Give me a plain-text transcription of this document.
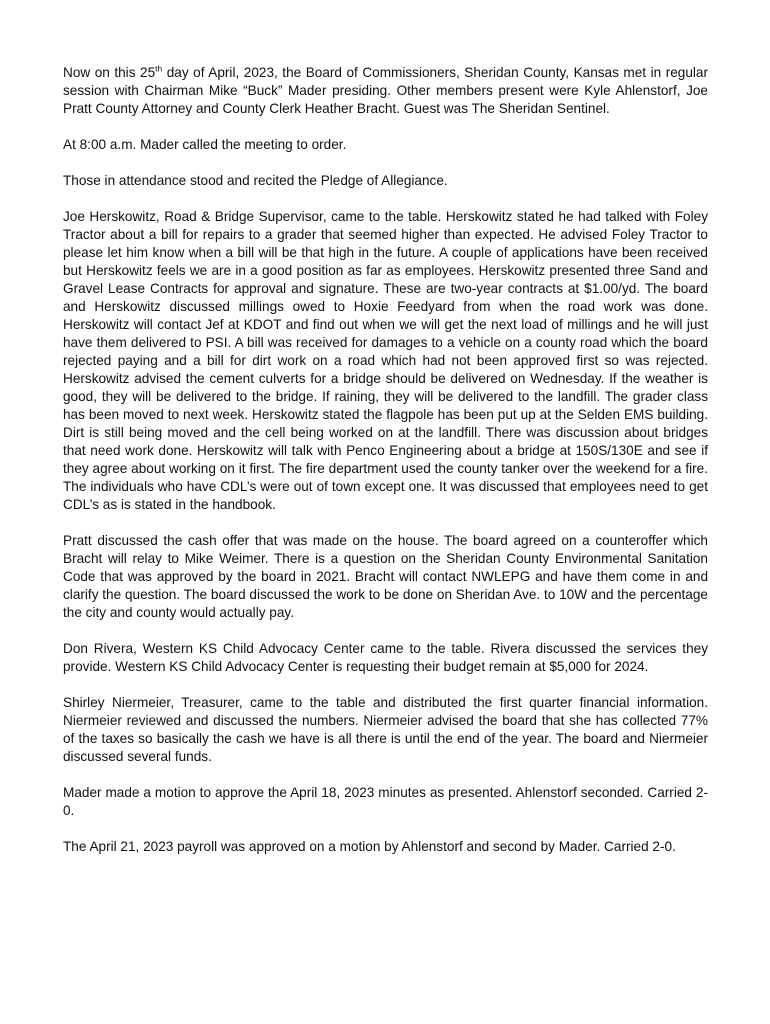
Now on this 25th day of April, 2023, the Board of Commissioners, Sheridan County, Kansas met in regular session with Chairman Mike “Buck” Mader presiding. Other members present were Kyle Ahlenstorf, Joe Pratt County Attorney and County Clerk Heather Bracht. Guest was The Sheridan Sentinel.

At 8:00 a.m. Mader called the meeting to order.

Those in attendance stood and recited the Pledge of Allegiance.

Joe Herskowitz, Road & Bridge Supervisor, came to the table. Herskowitz stated he had talked with Foley Tractor about a bill for repairs to a grader that seemed higher than expected. He advised Foley Tractor to please let him know when a bill will be that high in the future. A couple of applications have been received but Herskowitz feels we are in a good position as far as employees. Herskowitz presented three Sand and Gravel Lease Contracts for approval and signature. These are two-year contracts at $1.00/yd. The board and Herskowitz discussed millings owed to Hoxie Feedyard from when the road work was done. Herskowitz will contact Jef at KDOT and find out when we will get the next load of millings and he will just have them delivered to PSI. A bill was received for damages to a vehicle on a county road which the board rejected paying and a bill for dirt work on a road which had not been approved first so was rejected. Herskowitz advised the cement culverts for a bridge should be delivered on Wednesday. If the weather is good, they will be delivered to the bridge. If raining, they will be delivered to the landfill. The grader class has been moved to next week. Herskowitz stated the flagpole has been put up at the Selden EMS building. Dirt is still being moved and the cell being worked on at the landfill. There was discussion about bridges that need work done. Herskowitz will talk with Penco Engineering about a bridge at 150S/130E and see if they agree about working on it first. The fire department used the county tanker over the weekend for a fire. The individuals who have CDL’s were out of town except one. It was discussed that employees need to get CDL’s as is stated in the handbook.

Pratt discussed the cash offer that was made on the house. The board agreed on a counteroffer which Bracht will relay to Mike Weimer. There is a question on the Sheridan County Environmental Sanitation Code that was approved by the board in 2021. Bracht will contact NWLEPG and have them come in and clarify the question. The board discussed the work to be done on Sheridan Ave. to 10W and the percentage the city and county would actually pay.

Don Rivera, Western KS Child Advocacy Center came to the table. Rivera discussed the services they provide. Western KS Child Advocacy Center is requesting their budget remain at $5,000 for 2024.

Shirley Niermeier, Treasurer, came to the table and distributed the first quarter financial information. Niermeier reviewed and discussed the numbers. Niermeier advised the board that she has collected 77% of the taxes so basically the cash we have is all there is until the end of the year. The board and Niermeier discussed several funds.

Mader made a motion to approve the April 18, 2023 minutes as presented. Ahlenstorf seconded. Carried 2-0.

The April 21, 2023 payroll was approved on a motion by Ahlenstorf and second by Mader. Carried 2-0.
